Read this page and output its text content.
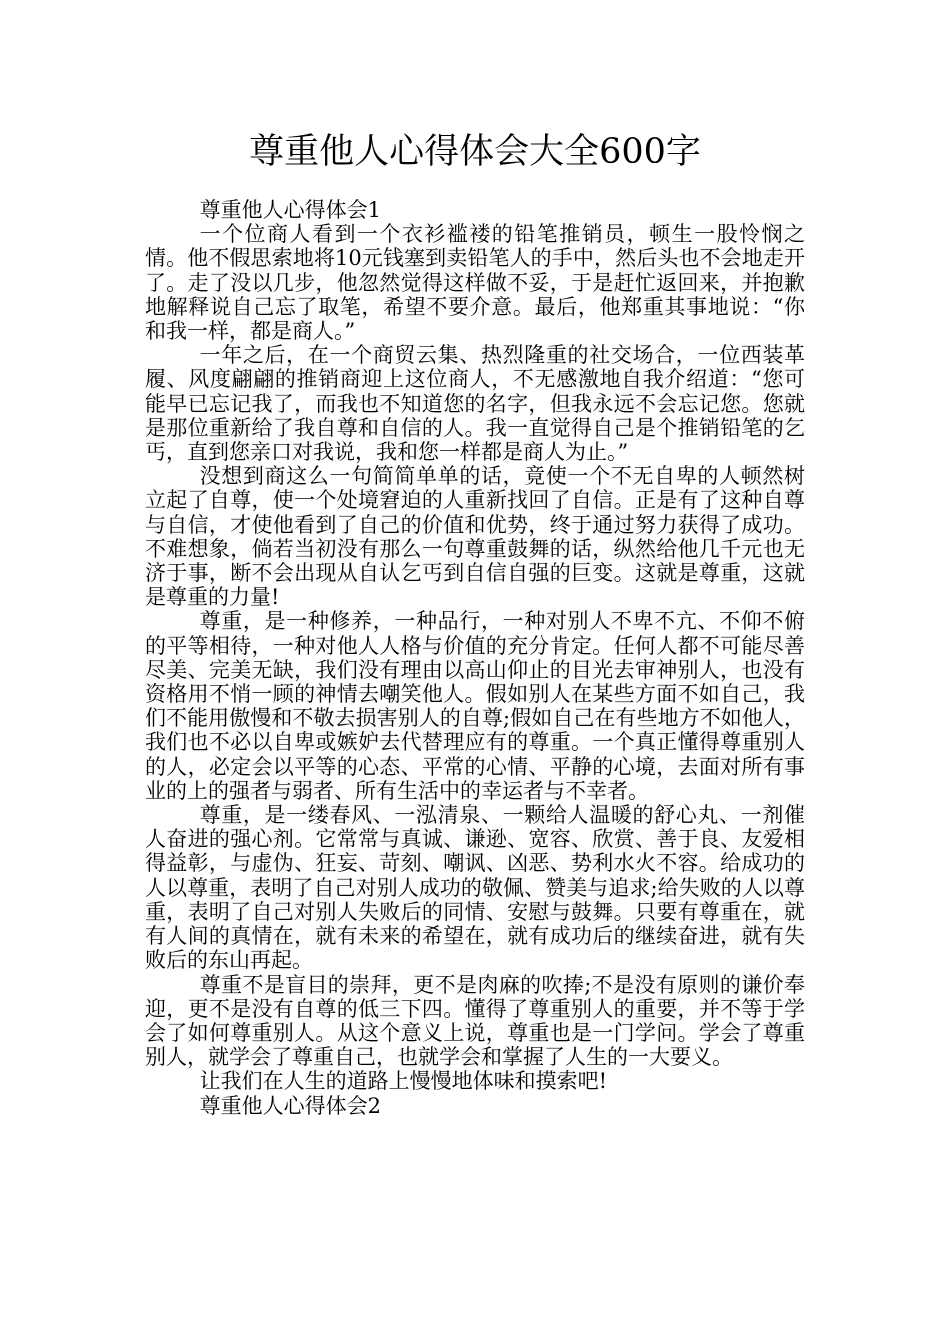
尊重他人心得体会大全600字

尊重他人心得体会1

一个位商人看到一个衣衫褴褛的铅笔推销员，顿生一股怜悯之情。他不假思索地将10元钱塞到卖铅笔人的手中，然后头也不会地走开了。走了没以几步，他忽然觉得这样做不妥，于是赶忙返回来，并抱歉地解释说自己忘了取笔，希望不要介意。最后，他郑重其事地说：“你和我一样，都是商人。”

一年之后，在一个商贸云集、热烈隆重的社交场合，一位西装革履、风度翩翩的推销商迎上这位商人，不无感激地自我介绍道：“您可能早已忘记我了，而我也不知道您的名字，但我永远不会忘记您。您就是那位重新给了我自尊和自信的人。我一直觉得自己是个推销铅笔的乞丐，直到您亲口对我说，我和您一样都是商人为止。”

没想到商这么一句简简单单的话，竟使一个不无自卑的人顿然树立起了自尊，使一个处境窘迫的人重新找回了自信。正是有了这种自尊与自信，才使他看到了自己的价值和优势，终于通过努力获得了成功。不难想象，倘若当初没有那么一句尊重鼓舞的话，纵然给他几千元也无济于事，断不会出现从自认乞丐到自信自强的巨变。这就是尊重，这就是尊重的力量!

尊重，是一种修养，一种品行，一种对别人不卑不亢、不仰不俯的平等相待，一种对他人人格与价值的充分肯定。任何人都不可能尽善尽美、完美无缺，我们没有理由以高山仰止的目光去审神别人，也没有资格用不悄一顾的神情去嘲笑他人。假如别人在某些方面不如自己，我们不能用傲慢和不敬去损害别人的自尊;假如自己在有些地方不如他人，我们也不必以自卑或嫉妒去代替理应有的尊重。一个真正懂得尊重别人的人，必定会以平等的心态、平常的心情、平静的心境，去面对所有事业的上的强者与弱者、所有生活中的幸运者与不幸者。

尊重，是一缕春风、一泓清泉、一颗给人温暖的舒心丸、一剂催人奋进的强心剂。它常常与真诚、谦逊、宽容、欣赏、善于良、友爱相得益彰，与虚伪、狂妄、苛刻、嘲讽、凶恶、势利水火不容。给成功的人以尊重，表明了自己对别人成功的敬佩、赞美与追求;给失败的人以尊重，表明了自己对别人失败后的同情、安慰与鼓舞。只要有尊重在，就有人间的真情在，就有未来的希望在，就有成功后的继续奋进，就有失败后的东山再起。

尊重不是盲目的崇拜，更不是肉麻的吹捧;不是没有原则的谦价奉迎，更不是没有自尊的低三下四。懂得了尊重别人的重要，并不等于学会了如何尊重别人。从这个意义上说，尊重也是一门学问。学会了尊重别人，就学会了尊重自己，也就学会和掌握了人生的一大要义。

让我们在人生的道路上慢慢地体味和摸索吧!

尊重他人心得体会2
